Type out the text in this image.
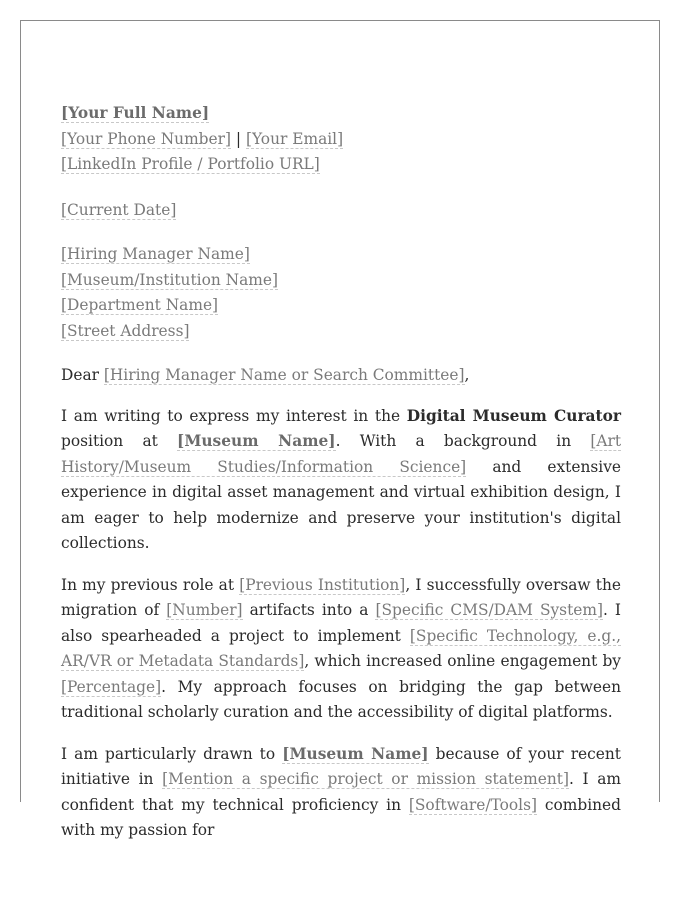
[Your Full Name]
[Your Phone Number] | [Your Email]
[LinkedIn Profile / Portfolio URL]
[Current Date]
[Hiring Manager Name]
[Museum/Institution Name]
[Department Name]
[Street Address]
Dear [Hiring Manager Name or Search Committee],

I am writing to express my interest in the Digital Museum Curator position at [Museum Name]. With a background in [Art History/Museum Studies/Information Science] and extensive experience in digital asset management and virtual exhibition design, I am eager to help modernize and preserve your institution's digital collections.

In my previous role at [Previous Institution], I successfully oversaw the migration of [Number] artifacts into a [Specific CMS/DAM System]. I also spearheaded a project to implement [Specific Technology, e.g., AR/VR or Metadata Standards], which increased online engagement by [Percentage]. My approach focuses on bridging the gap between traditional scholarly curation and the accessibility of digital platforms.

I am particularly drawn to [Museum Name] because of your recent initiative in [Mention a specific project or mission statement]. I am confident that my technical proficiency in [Software/Tools] combined with my passion for
